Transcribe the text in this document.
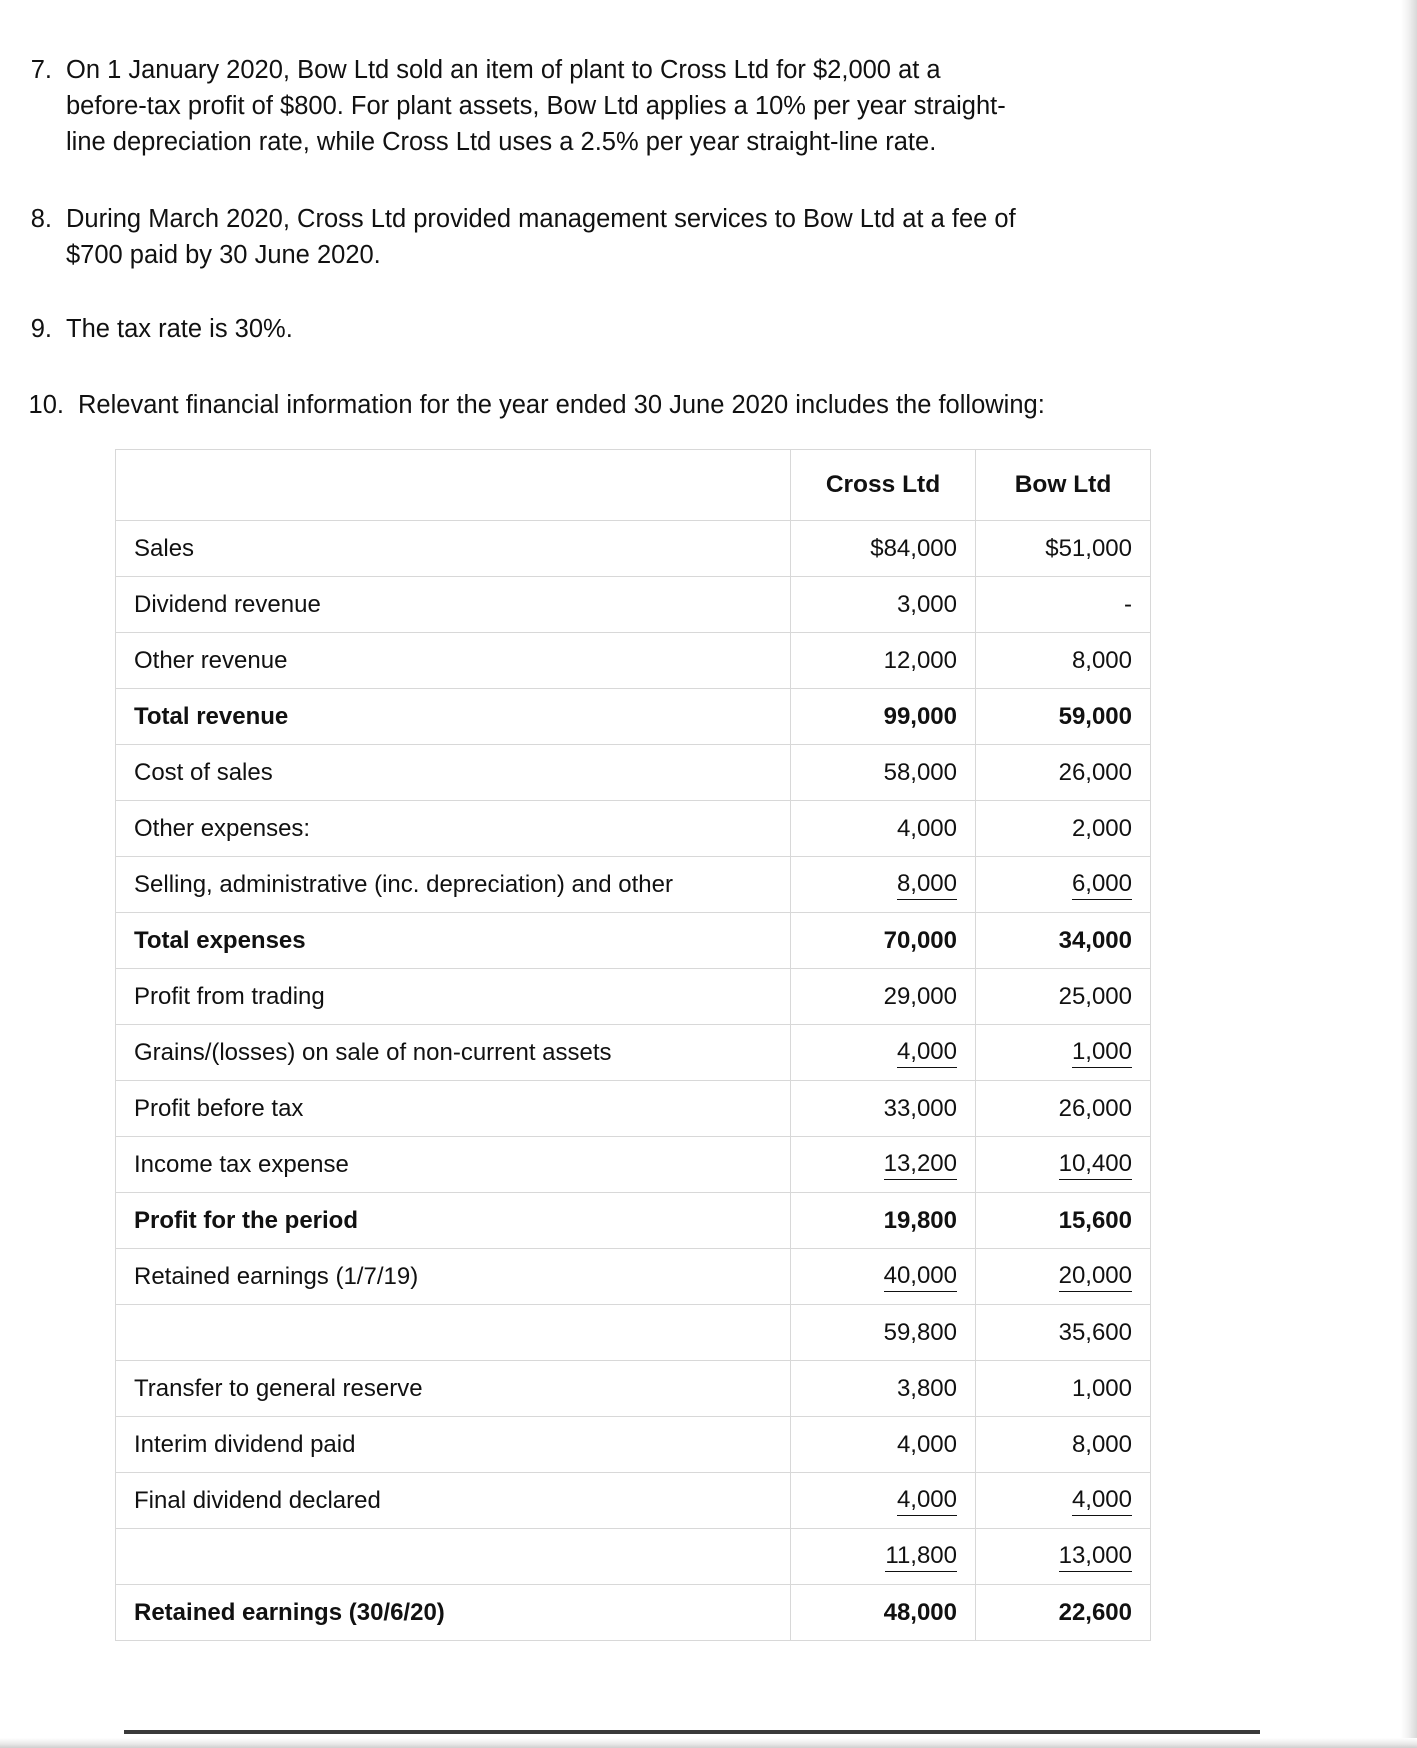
7. On 1 January 2020, Bow Ltd sold an item of plant to Cross Ltd for $2,000 at a before-tax profit of $800. For plant assets, Bow Ltd applies a 10% per year straight-line depreciation rate, while Cross Ltd uses a 2.5% per year straight-line rate.
8. During March 2020, Cross Ltd provided management services to Bow Ltd at a fee of $700 paid by 30 June 2020.
9. The tax rate is 30%.
10. Relevant financial information for the year ended 30 June 2020 includes the following:
	Cross Ltd	Bow Ltd
Sales	$84,000	$51,000
Dividend revenue	3,000	-
Other revenue	12,000	8,000
Total revenue	99,000	59,000
Cost of sales	58,000	26,000
Other expenses:	4,000	2,000
Selling, administrative (inc. depreciation) and other	8,000	6,000
Total expenses	70,000	34,000
Profit from trading	29,000	25,000
Grains/(losses) on sale of non-current assets	4,000	1,000
Profit before tax	33,000	26,000
Income tax expense	13,200	10,400
Profit for the period	19,800	15,600
Retained earnings (1/7/19)	40,000	20,000
	59,800	35,600
Transfer to general reserve	3,800	1,000
Interim dividend paid	4,000	8,000
Final dividend declared	4,000	4,000
	11,800	13,000
Retained earnings (30/6/20)	48,000	22,600
